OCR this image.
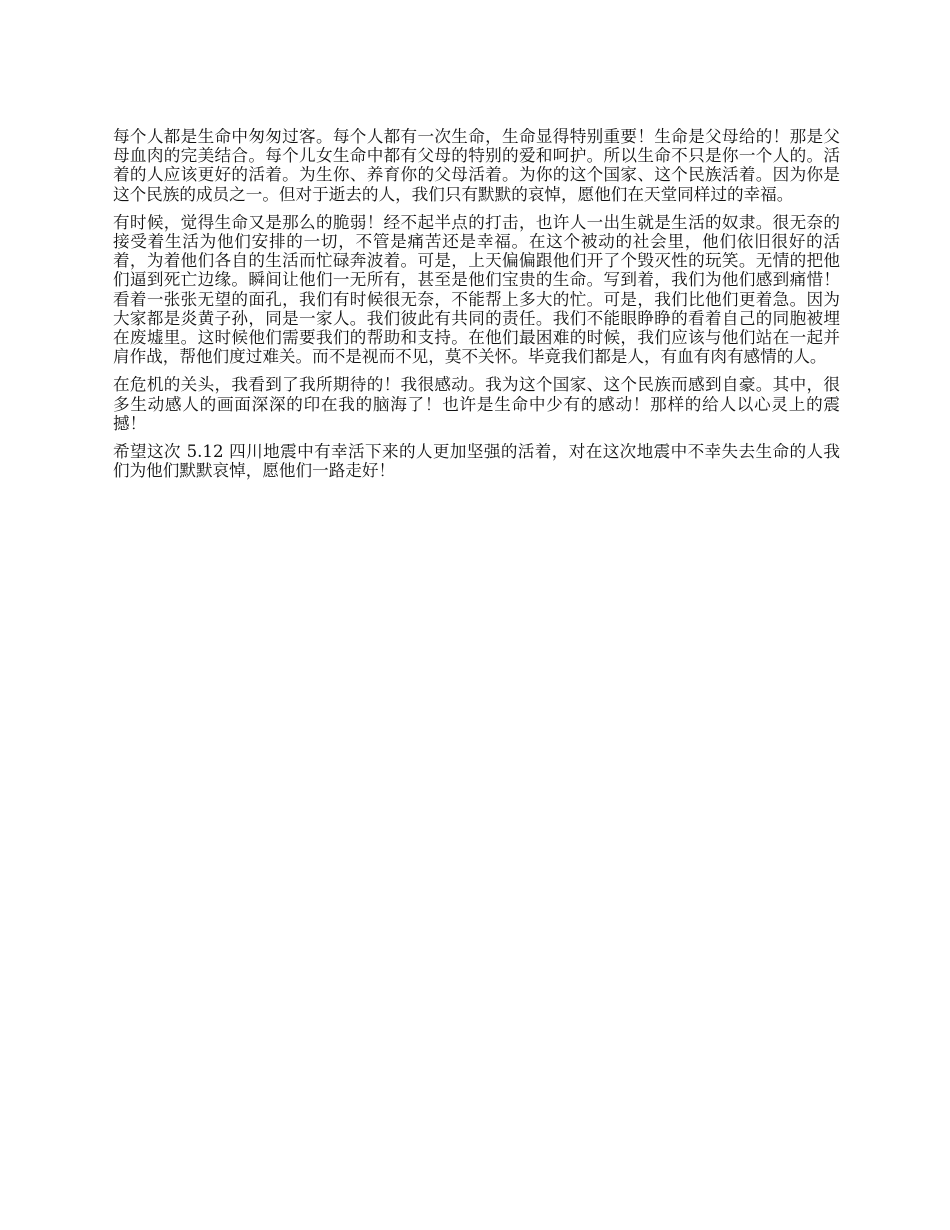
每个人都是生命中匆匆过客。每个人都有一次生命，生命显得特别重要！生命是父母给的！那是父母血肉的完美结合。每个儿女生命中都有父母的特别的爱和呵护。所以生命不只是你一个人的。活着的人应该更好的活着。为生你、养育你的父母活着。为你的这个国家、这个民族活着。因为你是这个民族的成员之一。但对于逝去的人，我们只有默默的哀悼，愿他们在天堂同样过的幸福。

有时候，觉得生命又是那么的脆弱！经不起半点的打击，也许人一出生就是生活的奴隶。很无奈的接受着生活为他们安排的一切，不管是痛苦还是幸福。在这个被动的社会里，他们依旧很好的活着，为着他们各自的生活而忙碌奔波着。可是，上天偏偏跟他们开了个毁灭性的玩笑。无情的把他们逼到死亡边缘。瞬间让他们一无所有，甚至是他们宝贵的生命。写到着，我们为他们感到痛惜！看着一张张无望的面孔，我们有时候很无奈，不能帮上多大的忙。可是，我们比他们更着急。因为大家都是炎黄子孙，同是一家人。我们彼此有共同的责任。我们不能眼睁睁的看着自己的同胞被埋在废墟里。这时候他们需要我们的帮助和支持。在他们最困难的时候，我们应该与他们站在一起并肩作战，帮他们度过难关。而不是视而不见，莫不关怀。毕竟我们都是人，有血有肉有感情的人。

在危机的关头，我看到了我所期待的！我很感动。我为这个国家、这个民族而感到自豪。其中，很多生动感人的画面深深的印在我的脑海了！也许是生命中少有的感动！那样的给人以心灵上的震撼！

希望这次 5.12 四川地震中有幸活下来的人更加坚强的活着，对在这次地震中不幸失去生命的人我们为他们默默哀悼，愿他们一路走好！
